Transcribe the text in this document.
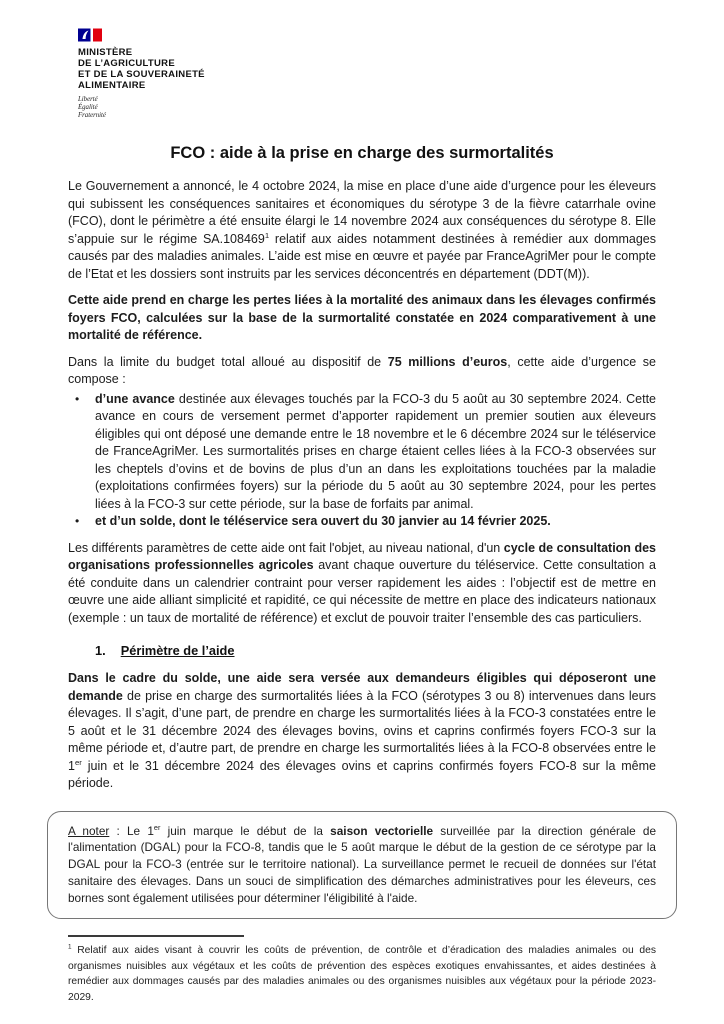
MINISTÈRE
DE L’AGRICULTURE
ET DE LA SOUVERAINETÉ
ALIMENTAIRE
Liberté
Égalité
Fraternité
FCO : aide à la prise en charge des surmortalités

Le Gouvernement a annoncé, le 4 octobre 2024, la mise en place d’une aide d’urgence pour les éleveurs qui subissent les conséquences sanitaires et économiques du sérotype 3 de la fièvre catarrhale ovine (FCO), dont le périmètre a été ensuite élargi le 14 novembre 2024 aux conséquences du sérotype 8. Elle s’appuie sur le régime SA.108469$^1$ relatif aux aides notamment destinées à remédier aux dommages causés par des maladies animales. L’aide est mise en œuvre et payée par FranceAgriMer pour le compte de l’Etat et les dossiers sont instruits par les services déconcentrés en département (DDT(M)).

Cette aide prend en charge les pertes liées à la mortalité des animaux dans les élevages confirmés foyers FCO, calculées sur la base de la surmortalité constatée en 2024 comparativement à une mortalité de référence.

Dans la limite du budget total alloué au dispositif de 75 millions d’euros, cette aide d’urgence se compose :

•	d’une avance destinée aux élevages touchés par la FCO-3 du 5 août au 30 septembre 2024. Cette avance en cours de versement permet d’apporter rapidement un premier soutien aux éleveurs éligibles qui ont déposé une demande entre le 18 novembre et le 6 décembre 2024 sur le téléservice de FranceAgriMer. Les surmortalités prises en charge étaient celles liées à la FCO-3 observées sur les cheptels d’ovins et de bovins de plus d’un an dans les exploitations touchées par la maladie (exploitations confirmées foyers) sur la période du 5 août au 30 septembre 2024, pour les pertes liées à la FCO-3 sur cette période, sur la base de forfaits par animal.
•	et d’un solde, dont le téléservice sera ouvert du 30 janvier au 14 février 2025.

Les différents paramètres de cette aide ont fait l'objet, au niveau national, d'un cycle de consultation des organisations professionnelles agricoles avant chaque ouverture du téléservice. Cette consultation a été conduite dans un calendrier contraint pour verser rapidement les aides : l’objectif est de mettre en œuvre une aide alliant simplicité et rapidité, ce qui nécessite de mettre en place des indicateurs nationaux (exemple : un taux de mortalité de référence) et exclut de pouvoir traiter l’ensemble des cas particuliers.

1. Périmètre de l’aide

Dans le cadre du solde, une aide sera versée aux demandeurs éligibles qui déposeront une demande de prise en charge des surmortalités liées à la FCO (sérotypes 3 ou 8) intervenues dans leurs élevages. Il s’agit, d’une part, de prendre en charge les surmortalités liées à la FCO-3 constatées entre le 5 août et le 31 décembre 2024 des élevages bovins, ovins et caprins confirmés foyers FCO-3 sur la même période et, d’autre part, de prendre en charge les surmortalités liées à la FCO-8 observées entre le 1er juin et le 31 décembre 2024 des élevages ovins et caprins confirmés foyers FCO-8 sur la même période.

A noter : Le 1er juin marque le début de la saison vectorielle surveillée par la direction générale de l'alimentation (DGAL) pour la FCO-8, tandis que le 5 août marque le début de la gestion de ce sérotype par la DGAL pour la FCO-3 (entrée sur le territoire national). La surveillance permet le recueil de données sur l'état sanitaire des élevages. Dans un souci de simplification des démarches administratives pour les éleveurs, ces bornes sont également utilisées pour déterminer l'éligibilité à l'aide.
$^1$ Relatif aux aides visant à couvrir les coûts de prévention, de contrôle et d’éradication des maladies animales ou des organismes nuisibles aux végétaux et les coûts de prévention des espèces exotiques envahissantes, et aides destinées à remédier aux dommages causés par des maladies animales ou des organismes nuisibles aux végétaux pour la période 2023-2029.
